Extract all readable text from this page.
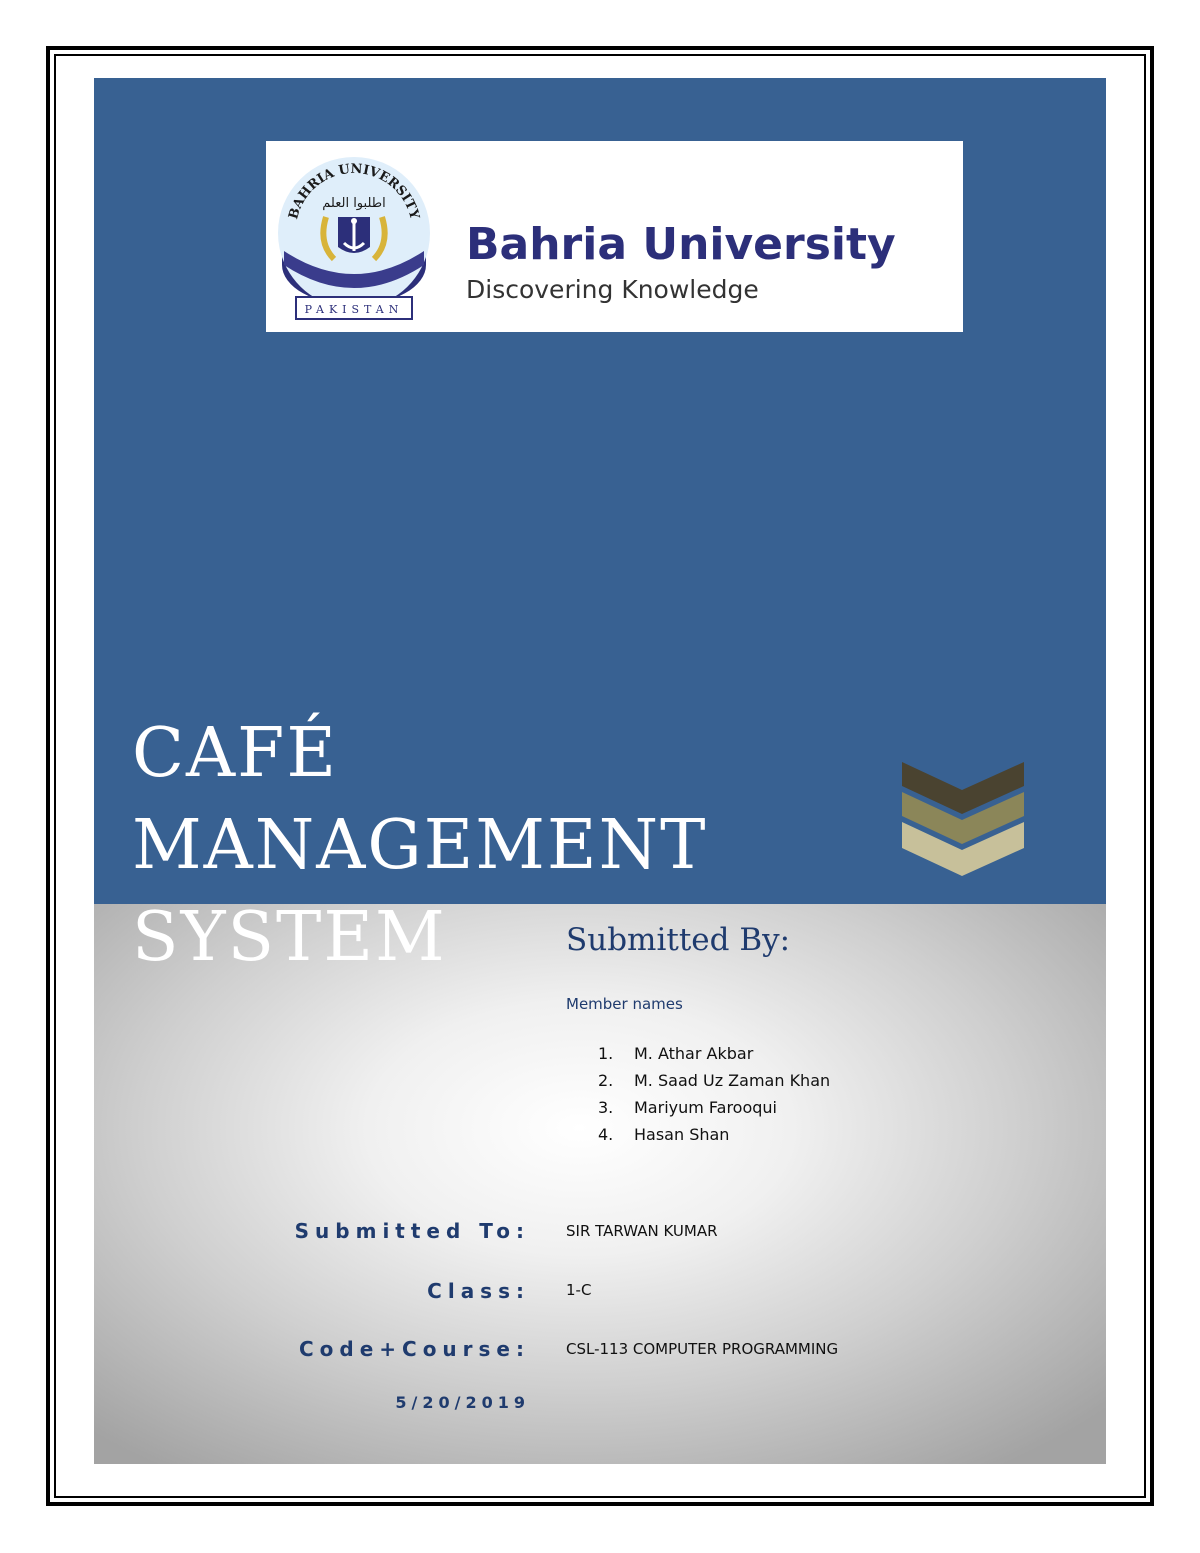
BAHRIA UNIVERSITY
اطلبوا العلم
PAKISTAN
Bahria University
Discovering Knowledge
CAFÉ MANAGEMENT
SYSTEM	Submitted By:
Member names
1. M. Athar Akbar
2. M. Saad Uz Zaman Khan
3. Mariyum Farooqui
4. Hasan Shan
Submitted To: SIR TARWAN KUMAR
Class: 1-C
Code+Course: CSL-113 COMPUTER PROGRAMMING
5/20/2019
